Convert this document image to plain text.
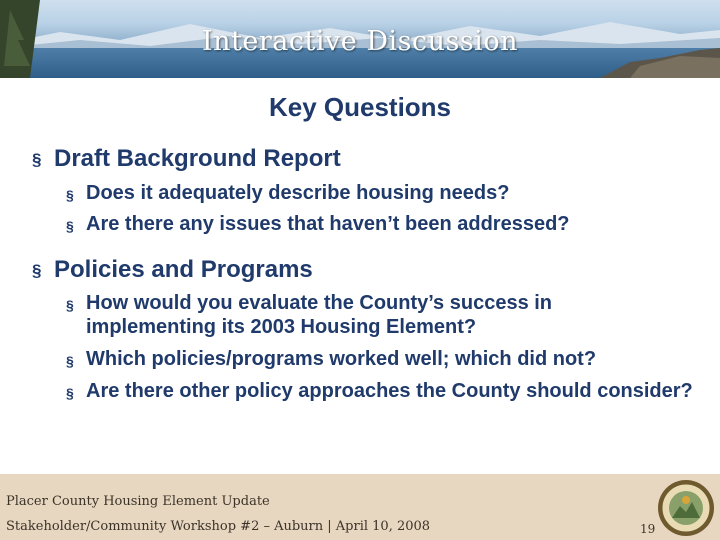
Interactive Discussion
Key Questions
§ Draft Background Report
§ Does it adequately describe housing needs?
§ Are there any issues that haven’t been addressed?
§ Policies and Programs
§ How would you evaluate the County’s success in implementing its 2003 Housing Element?
§ Which policies/programs worked well; which did not?
§ Are there other policy approaches the County should consider?
Placer County Housing Element Update
Stakeholder/Community Workshop #2 – Auburn | April 10, 2008	19
